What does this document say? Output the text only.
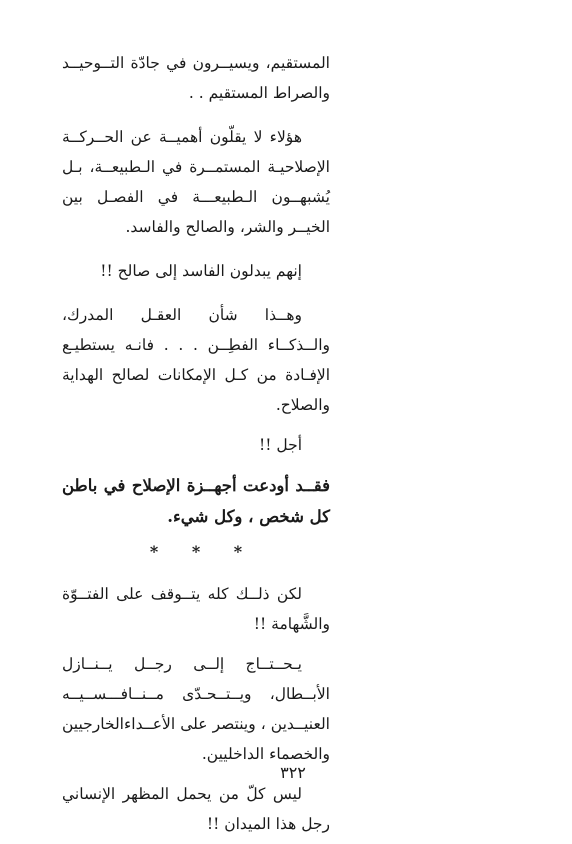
المستقيم، ويسيــرون في جادّة التــوحيــد والصراط المستقيم . .

هؤلاء لا يقلّون أهميــة عن الحــركــة الإصلاحيـة المستمــرة في الـطبيعــة، بـل يُشبهــون الـطبيعـــة في الفصـل بين الخيــر والشر، والصالح والفاسد.

إنهم يبدلون الفاسد إلى صالح !!

وهــذا شأن العقـل المدرك، والــذكــاء الفطِــن . . . فانـه يستطيـع الإفـادة من كـل الإمكانات لصالح الهداية والصلاح.

أجل !!

فقــد أودعت أجهــزة الإصلاح في باطن كل شخص ، وكل شيء.

* * *

لكن ذلــك كله يتــوقف على الفتــوّة والشَّهامة !!

يـحــتــاج إلــى رجــل يــنــازل الأبــطال، ويــتــحـدّى مــنــافـــســيــه العنيــدين ، وينتصر على الأعــداءالخارجيين والخصماء الداخليين.

ليس كلّ من يحمل المظهر الإنساني رجل هذا الميدان !!

٣٢٢
